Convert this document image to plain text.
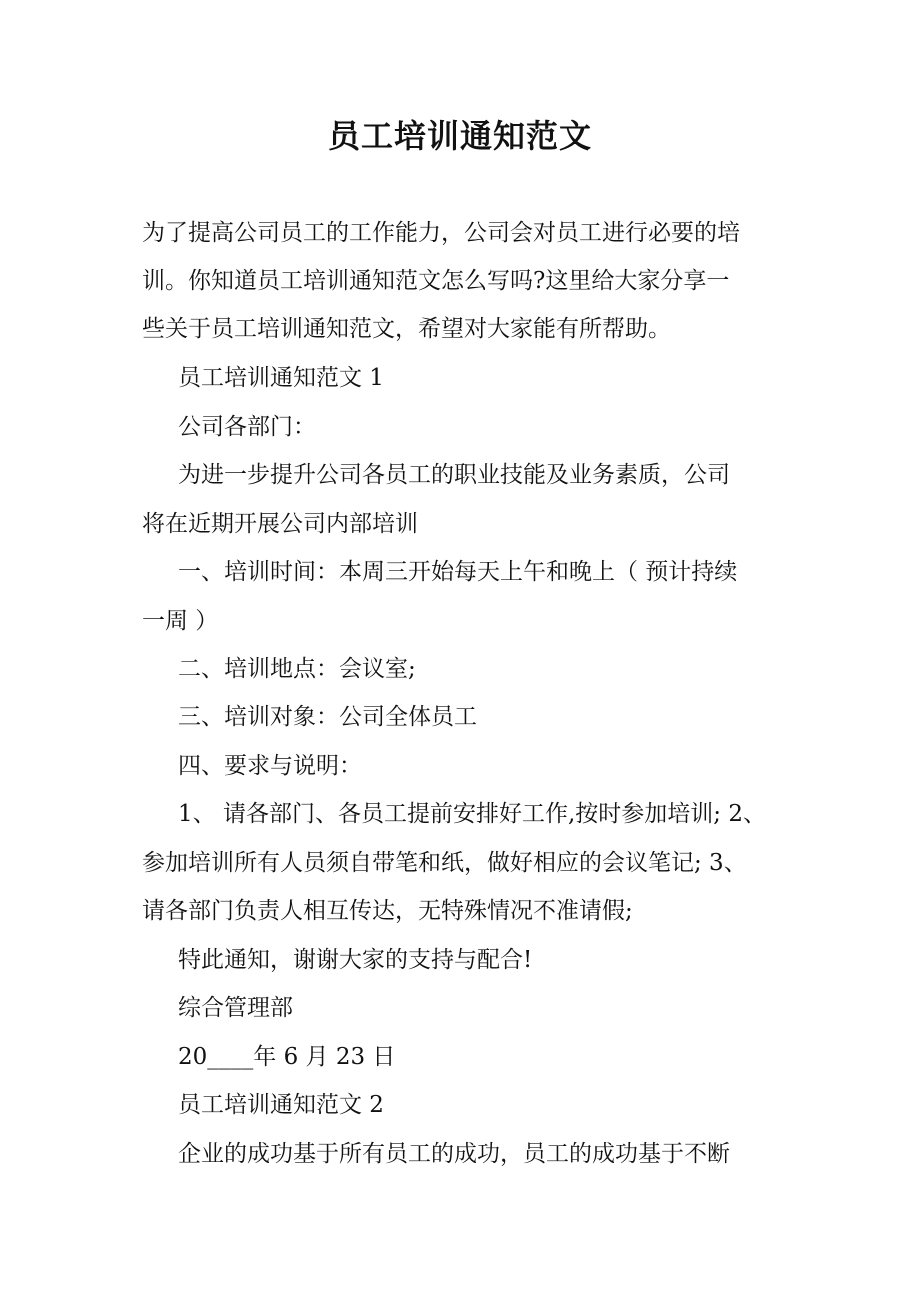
员工培训通知范文
为了提高公司员工的工作能力，公司会对员工进行必要的培
训。你知道员工培训通知范文怎么写吗?这里给大家分享一
些关于员工培训通知范文，希望对大家能有所帮助。
员工培训通知范文 1
公司各部门：
为进一步提升公司各员工的职业技能及业务素质，公司
将在近期开展公司内部培训
一、培训时间：本周三开始每天上午和晚上（ 预计持续
一周 ）
二、培训地点：会议室;
三、培训对象：公司全体员工
四、要求与说明：
1、 请各部门、各员工提前安排好工作,按时参加培训; 2、
参加培训所有人员须自带笔和纸，做好相应的会议笔记; 3、
请各部门负责人相互传达，无特殊情况不准请假;
特此通知，谢谢大家的支持与配合!
综合管理部
20____年 6 月 23 日
员工培训通知范文 2
企业的成功基于所有员工的成功，员工的成功基于不断
